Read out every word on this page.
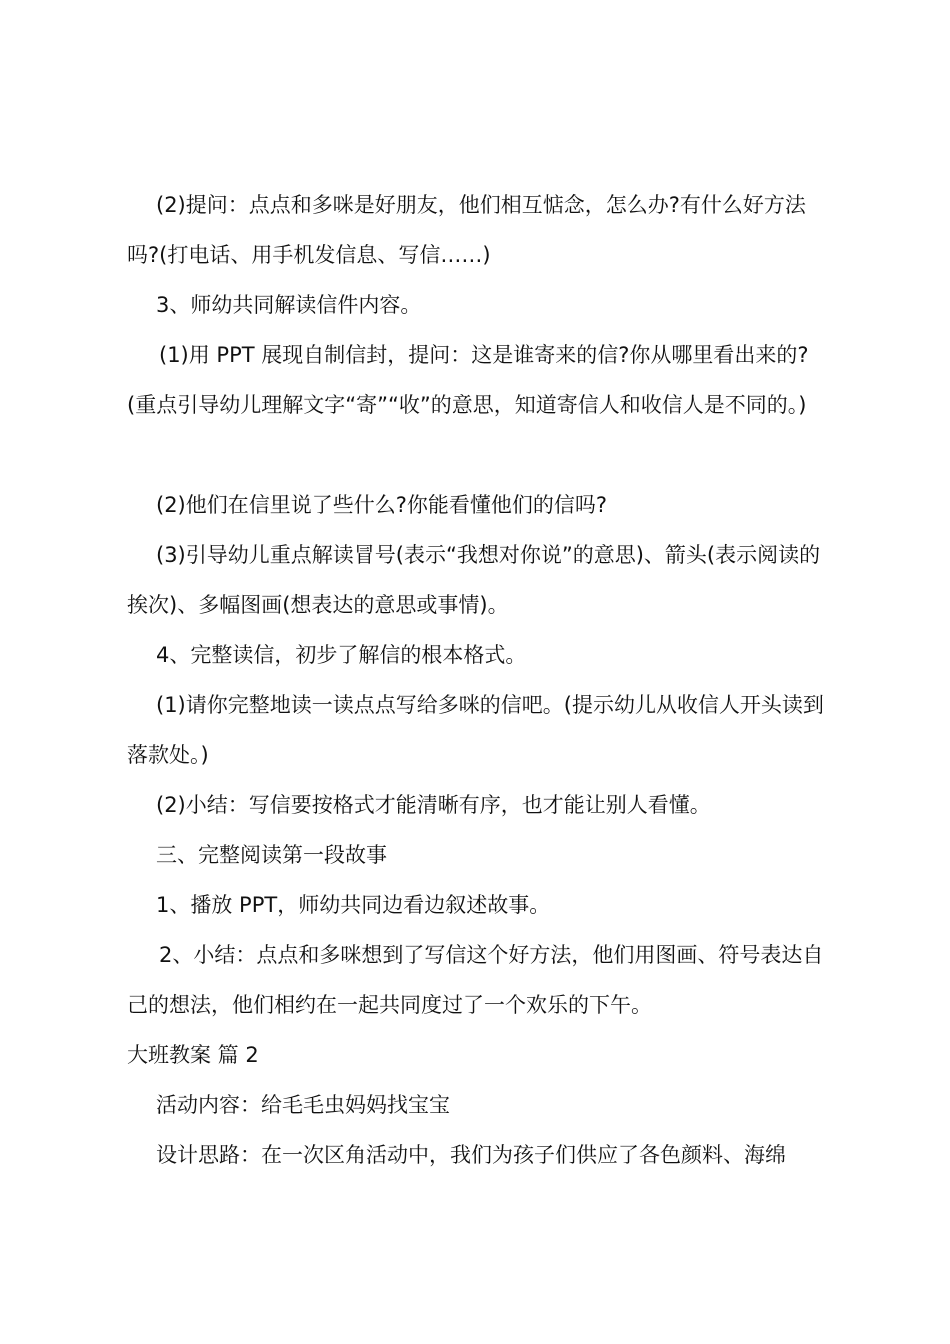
(2)提问：点点和多咪是好朋友，他们相互惦念，怎么办?有什么好方法吗?(打电话、用手机发信息、写信……)

3、师幼共同解读信件内容。

(1)用 PPT 展现自制信封，提问：这是谁寄来的信?你从哪里看出来的?(重点引导幼儿理解文字“寄”“收”的意思，知道寄信人和收信人是不同的。)

(2)他们在信里说了些什么?你能看懂他们的信吗?

(3)引导幼儿重点解读冒号(表示“我想对你说”的意思)、箭头(表示阅读的挨次)、多幅图画(想表达的意思或事情)。

4、完整读信，初步了解信的根本格式。

(1)请你完整地读一读点点写给多咪的信吧。(提示幼儿从收信人开头读到落款处。)

(2)小结：写信要按格式才能清晰有序，也才能让别人看懂。

三、完整阅读第一段故事

1、播放 PPT，师幼共同边看边叙述故事。

2、小结：点点和多咪想到了写信这个好方法，他们用图画、符号表达自己的想法，他们相约在一起共同度过了一个欢乐的下午。

大班教案 篇 2

活动内容：给毛毛虫妈妈找宝宝

设计思路：在一次区角活动中，我们为孩子们供应了各色颜料、海绵
